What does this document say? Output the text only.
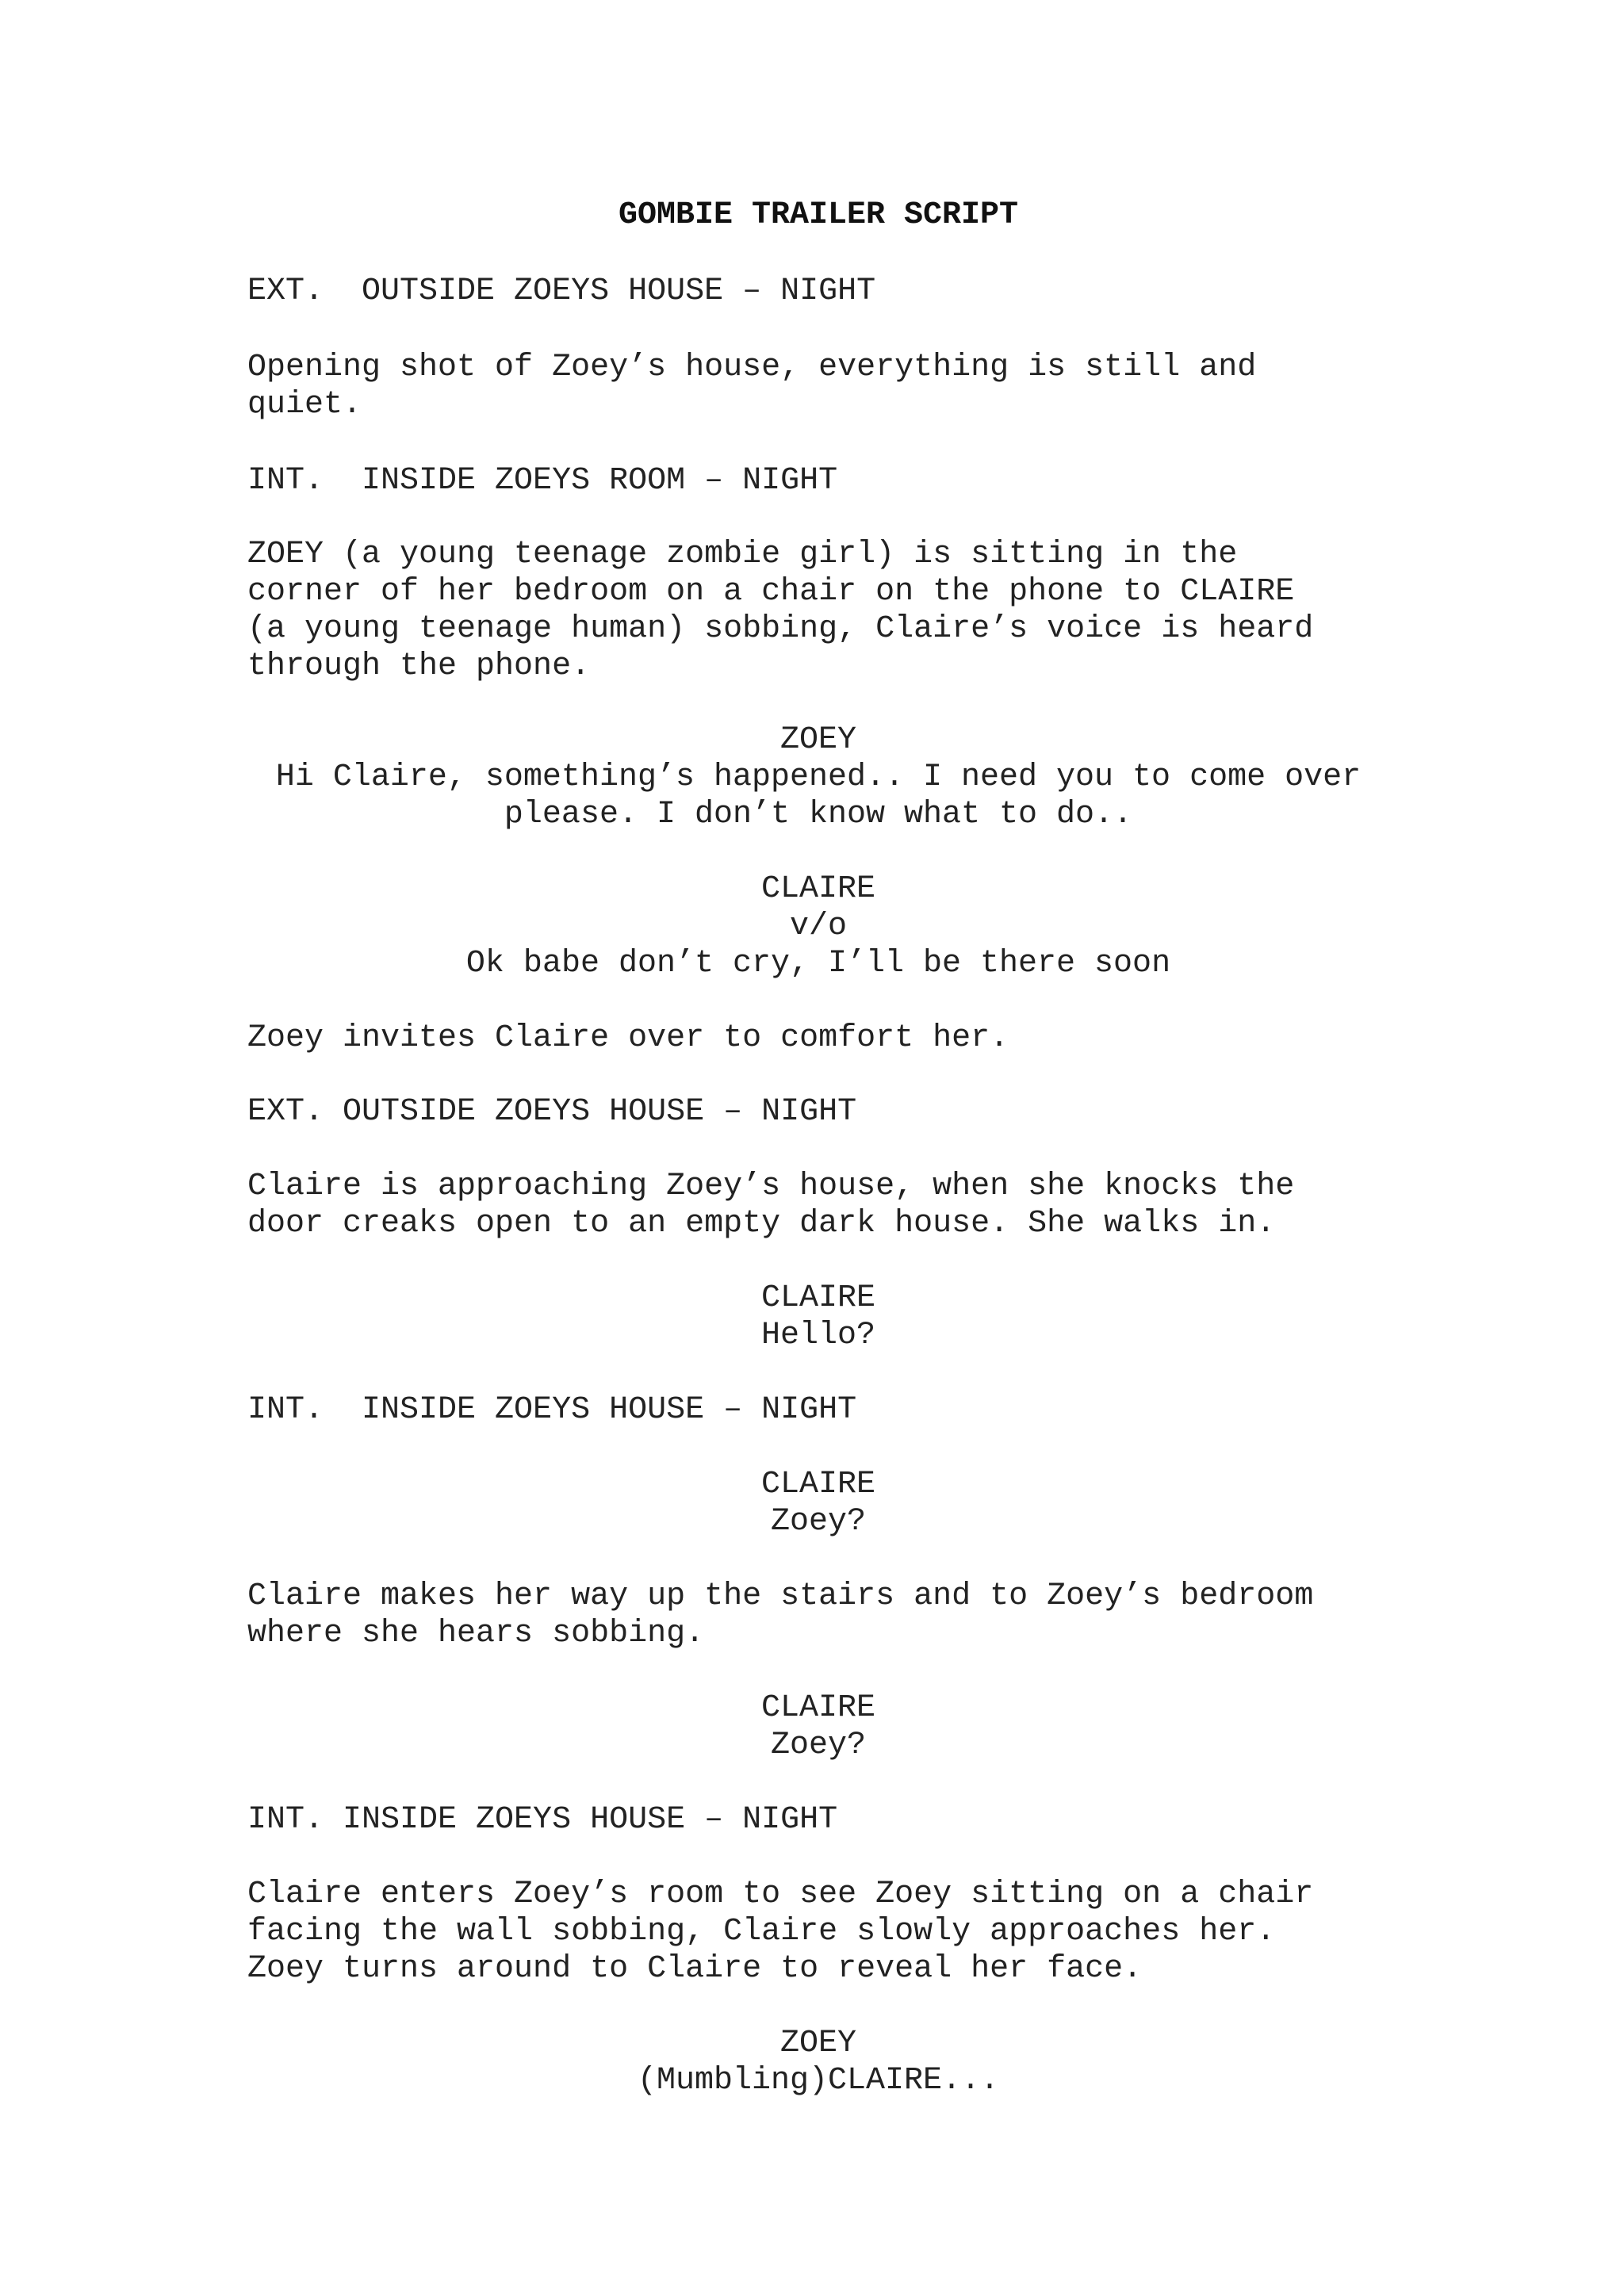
GOMBIE TRAILER SCRIPT

EXT.  OUTSIDE ZOEYS HOUSE – NIGHT

Opening shot of Zoey’s house, everything is still and

quiet.

INT.  INSIDE ZOEYS ROOM – NIGHT

ZOEY (a young teenage zombie girl) is sitting in the

corner of her bedroom on a chair on the phone to CLAIRE

(a young teenage human) sobbing, Claire’s voice is heard

through the phone.

ZOEY

Hi Claire, something’s happened.. I need you to come over

please. I don’t know what to do..

CLAIRE

v/o

Ok babe don’t cry, I’ll be there soon

Zoey invites Claire over to comfort her.

EXT. OUTSIDE ZOEYS HOUSE – NIGHT

Claire is approaching Zoey’s house, when she knocks the

door creaks open to an empty dark house. She walks in.

CLAIRE

Hello?

INT.  INSIDE ZOEYS HOUSE – NIGHT

CLAIRE

Zoey?

Claire makes her way up the stairs and to Zoey’s bedroom

where she hears sobbing.

CLAIRE

Zoey?

INT. INSIDE ZOEYS HOUSE – NIGHT

Claire enters Zoey’s room to see Zoey sitting on a chair

facing the wall sobbing, Claire slowly approaches her.

Zoey turns around to Claire to reveal her face.

ZOEY

(Mumbling)CLAIRE...
